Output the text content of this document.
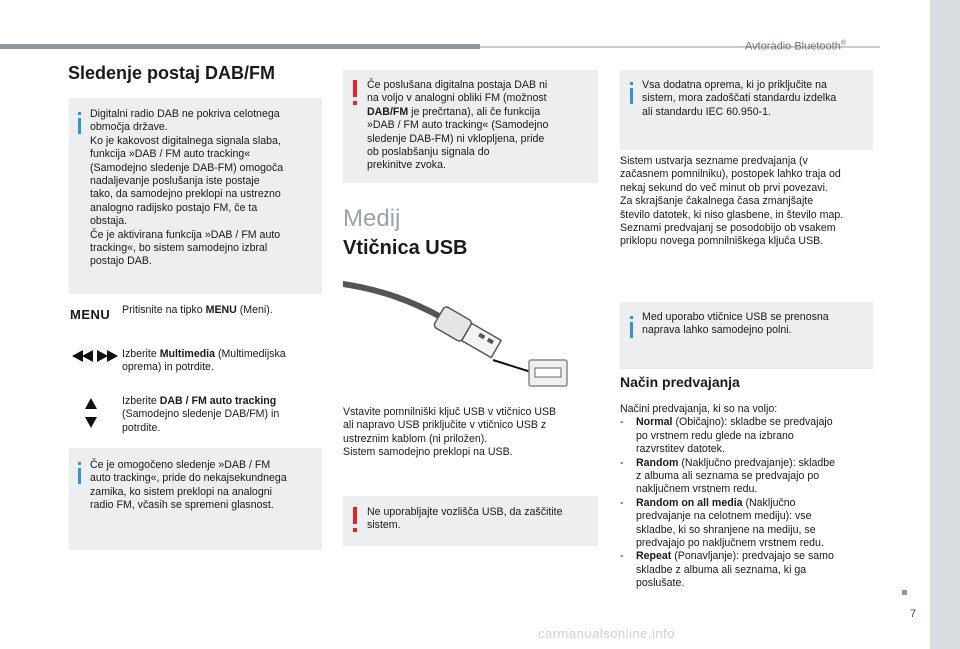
Avtoradio Bluetooth®
7
carmanualsonline.info
Sledenje postaj DAB/FM

Digitalni radio DAB ne pokriva celotnega

območja države.

Ko je kakovost digitalnega signala slaba,

funkcija »DAB / FM auto tracking«

(Samodejno sledenje DAB-FM) omogoča

nadaljevanje poslušanja iste postaje

tako, da samodejno preklopi na ustrezno

analogno radijsko postajo FM, če ta

obstaja.

Če je aktivirana funkcija »DAB / FM auto

tracking«, bo sistem samodejno izbral

postajo DAB.

MENU Pritisnite na tipko MENU (Meni).
Izberite Multimedia (Multimedijska
oprema) in potrdite.
Izberite DAB / FM auto tracking
(Samodejno sledenje DAB/FM) in
potrdite.

Če je omogočeno sledenje »DAB / FM

auto tracking«, pride do nekajsekundnega

zamika, ko sistem preklopi na analogni

radio FM, včasih se spremeni glasnost.

Če poslušana digitalna postaja DAB ni

na voljo v analogni obliki FM (možnost

DAB/FM je prečrtana), ali če funkcija

»DAB / FM auto tracking« (Samodejno

sledenje DAB-FM) ni vklopljena, pride

ob poslabšanju signala do

prekinitve zvoka.

Medij
Vtičnica USB

Vstavite pomnilniški ključ USB v vtičnico USB

ali napravo USB priključite v vtičnico USB z

ustreznim kablom (ni priložen).

Sistem samodejno preklopi na USB.

Ne uporabljajte vozlišča USB, da zaščitite

sistem.

Vsa dodatna oprema, ki jo priključite na

sistem, mora zadoščati standardu izdelka

ali standardu IEC 60.950-1.

Sistem ustvarja sezname predvajanja (v

začasnem pomnilniku), postopek lahko traja od

nekaj sekund do več minut ob prvi povezavi.

Za skrajšanje čakalnega časa zmanjšajte

število datotek, ki niso glasbene, in število map.

Seznami predvajanj se posodobijo ob vsakem

priklopu novega pomnilniškega ključa USB.

Med uporabo vtičnice USB se prenosna

naprava lahko samodejno polni.

Način predvajanja

Načini predvajanja, ki so na voljo:

- Normal (Običajno): skladbe se predvajajo

po vrstnem redu glede na izbrano

razvrstitev datotek.

- Random (Naključno predvajanje): skladbe

z albuma ali seznama se predvajajo po

naključnem vrstnem redu.

- Random on all media (Naključno

predvajanje na celotnem mediju): vse

skladbe, ki so shranjene na mediju, se

predvajajo po naključnem vrstnem redu.

- Repeat (Ponavljanje): predvajajo se samo

skladbe z albuma ali seznama, ki ga

poslušate.
